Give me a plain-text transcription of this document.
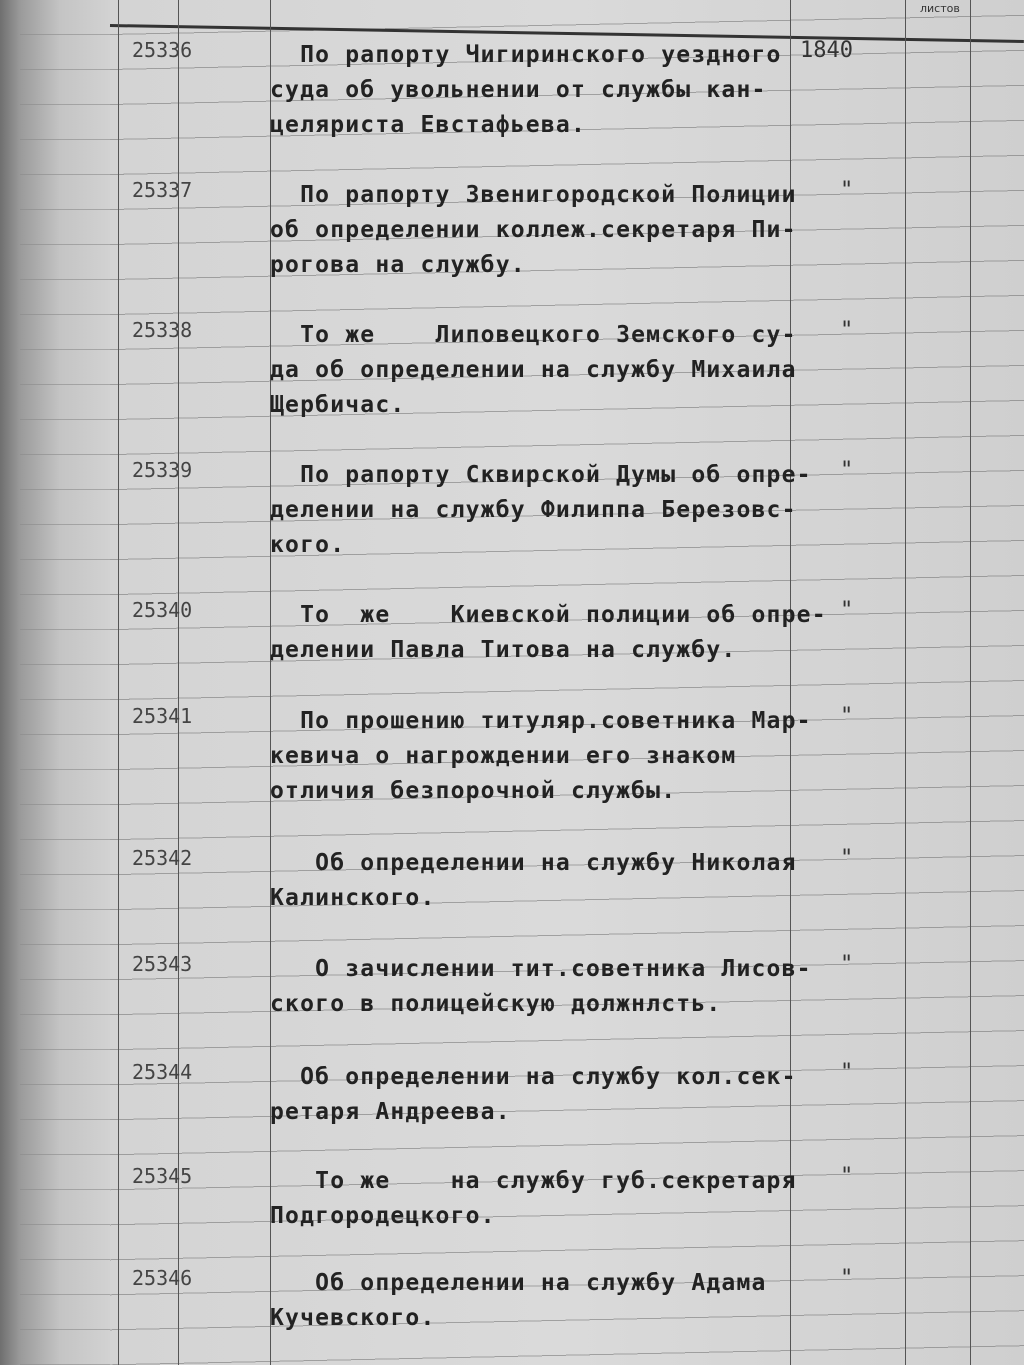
листов
25336	По рапорту Чигиринского уездного
суда об увольнении от службы кан-
целяриста Евстафьева.
1840
25337	По рапорту Звенигородской Полиции
об определении коллеж.секретаря Пи-
рогова на службу.
"
25338	То же    Липовецкого Земского су-
да об определении на службу Михаила
Щербичас.
"
25339	По рапорту Сквирской Думы об опре-
делении на службу Филиппа Березовс-
кого.
"
25340	То  же    Киевской полиции об опре-
делении Павла Титова на службу.
"
25341	По прошению титуляр.советника Мар-
кевича о нагрождении его знаком
отличия безпорочной службы.
"
25342	Об определении на службу Николая
Калинского.
"
25343	О зачислении тит.советника Лисов-
ского в полицейскую должнлсть.
"
25344	Об определении на службу кол.сек-
ретаря Андреева.
"
25345	То же    на службу губ.секретаря
Подгородецкого.
"
25346	Об определении на службу Адама
Кучевского.
"
